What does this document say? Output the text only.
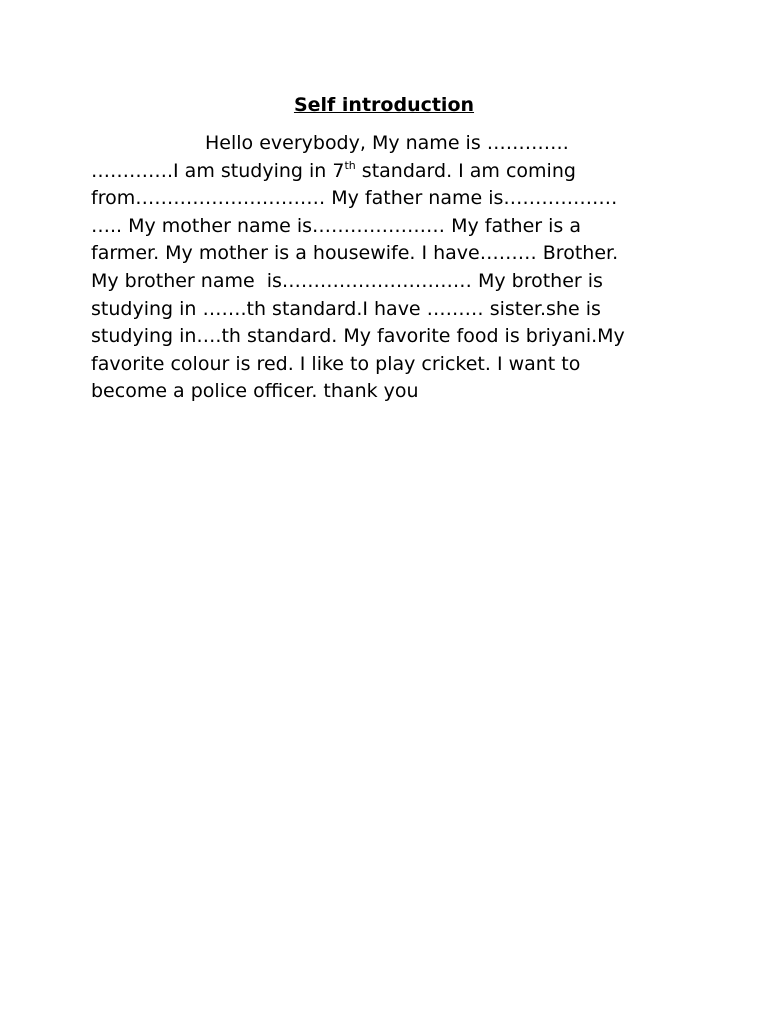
Self introduction
Hello everybody, My name is ………….
………….I am studying in 7th standard. I am coming
from………………………… My father name is………………
….. My mother name is………………… My father is a
farmer. My mother is a housewife. I have……… Brother.
My brother name  is………………………… My brother is
studying in …….th standard.I have ……… sister.she is
studying in….th standard. My favorite food is briyani.My
favorite colour is red. I like to play cricket. I want to
become a police officer. thank you
